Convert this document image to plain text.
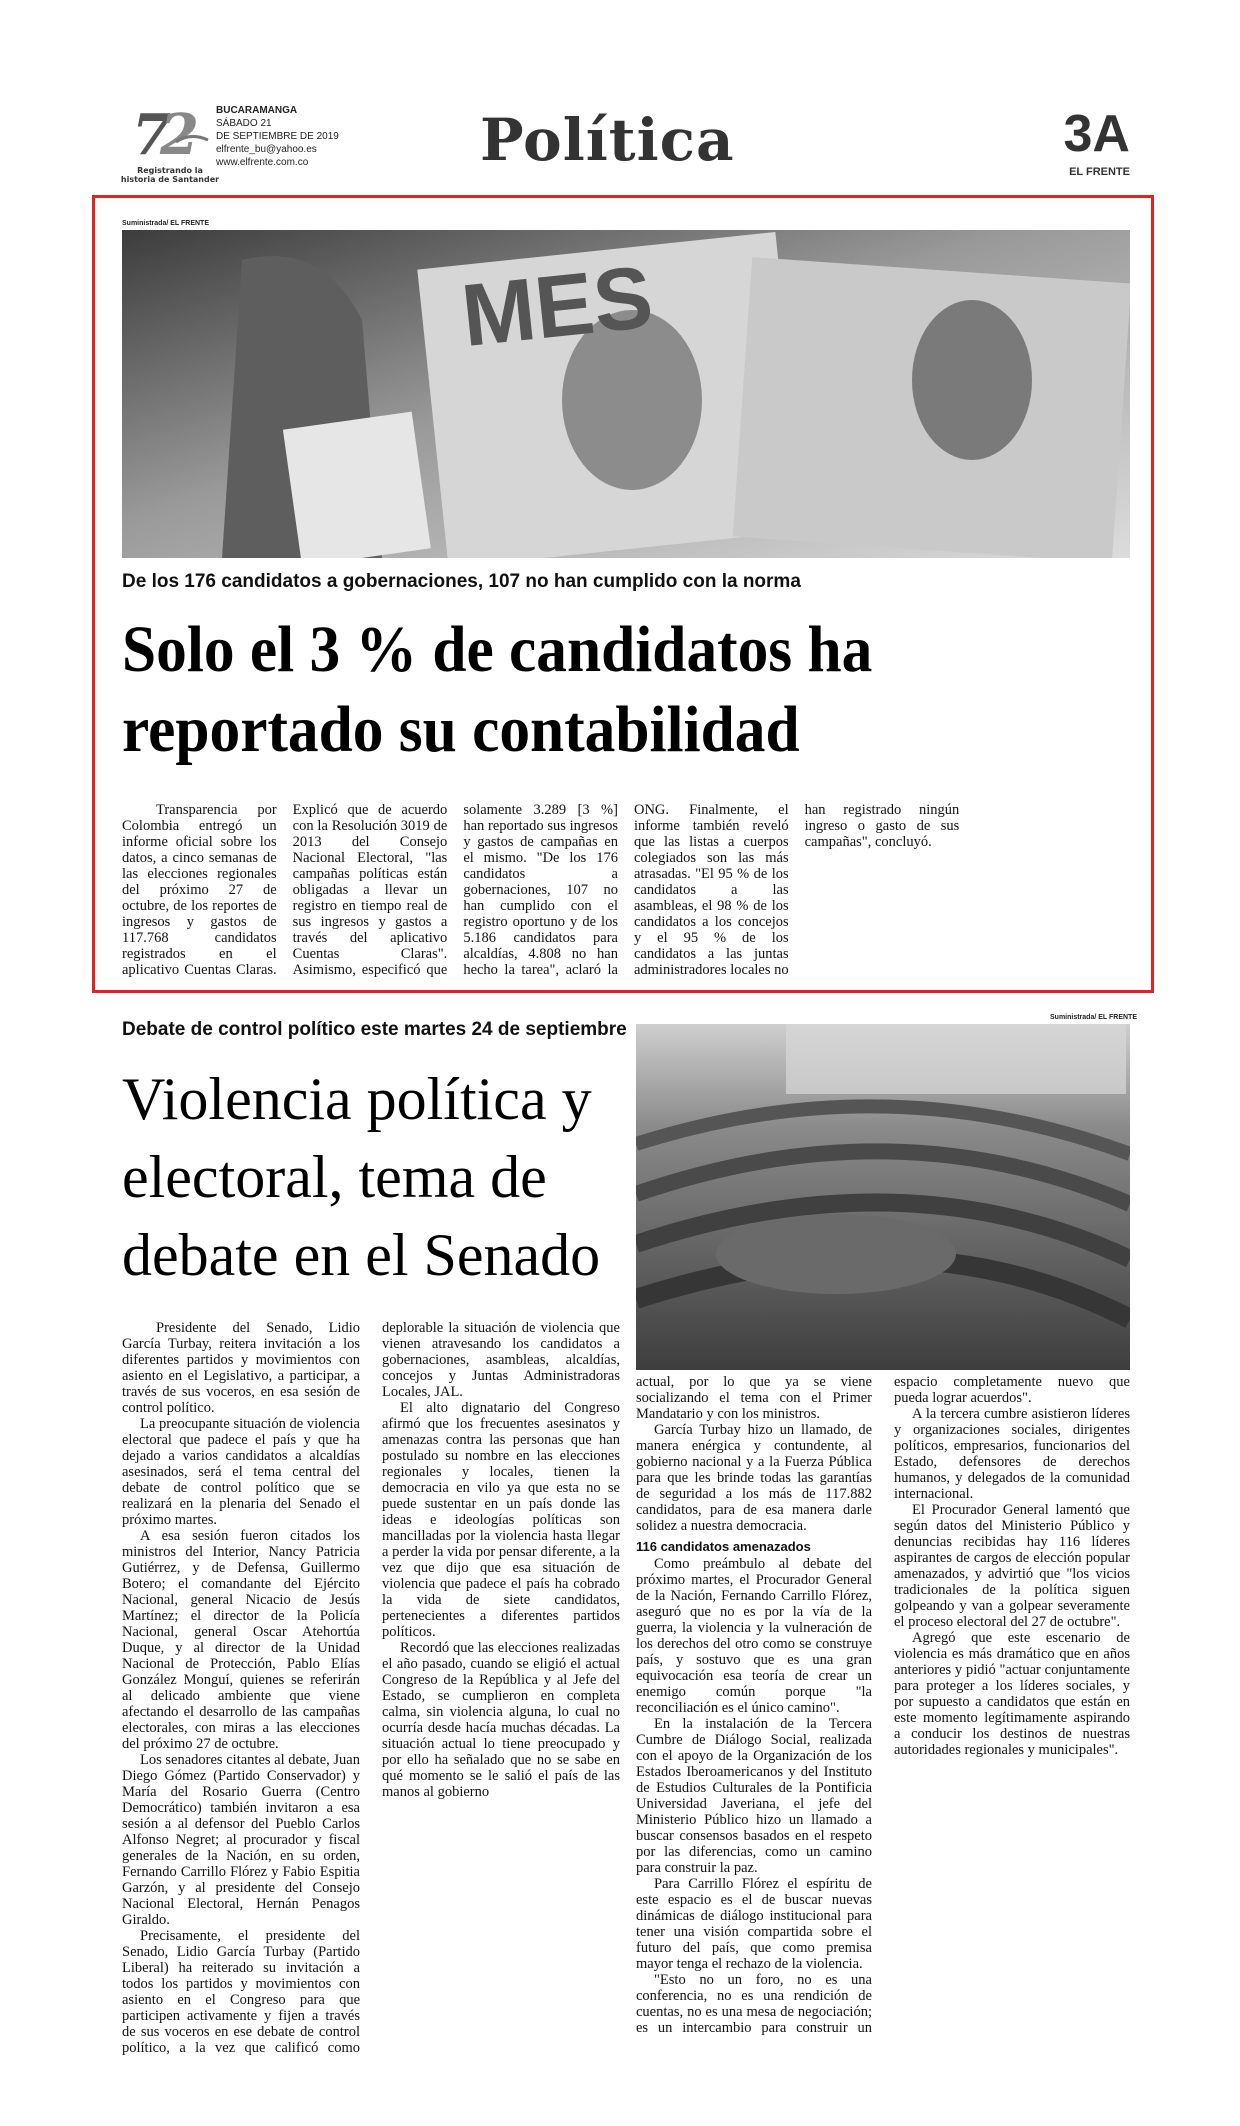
7
2
Registrando la historia de Santander
BUCARAMANGA
SÁBADO 21
DE SEPTIEMBRE DE 2019
elfrente_bu@yahoo.es
www.elfrente.com.co	Política	3A
EL FRENTE
Suministrada/ EL FRENTE
MES
De los 176 candidatos a gobernaciones, 107 no han cumplido con la norma
Solo el 3 % de candidatos ha reportado su contabilidad

Transparencia por Colombia entregó un informe oficial sobre los datos, a cinco semanas de las elecciones regionales del próximo 27 de octubre, de los reportes de ingresos y gastos de 117.768 candidatos registrados en el aplicativo Cuentas Claras. Explicó que de acuerdo con la Resolución 3019 de 2013 del Consejo Nacional Electoral, "las campañas políticas están obligadas a llevar un registro en tiempo real de sus ingresos y gastos a través del aplicativo Cuentas Claras". Asimismo, especificó que solamente 3.289 [3 %] han reportado sus ingresos y gastos de campañas en el mismo. "De los 176 candidatos a gobernaciones, 107 no han cumplido con el registro oportuno y de los 5.186 candidatos para alcaldías, 4.808 no han hecho la tarea", aclaró la ONG. Finalmente, el informe también reveló que las listas a cuerpos colegiados son las más atrasadas. "El 95 % de los candidatos a las asambleas, el 98 % de los candidatos a los concejos y el 95 % de los candidatos a las juntas administradores locales no han registrado ningún ingreso o gasto de sus campañas", concluyó.

Debate de control político este martes 24 de septiembre
Violencia política y electoral, tema de debate en el Senado
Suministrada/ EL FRENTE

Presidente del Senado, Lidio García Turbay, reitera invitación a los diferentes partidos y movimientos con asiento en el Legislativo, a participar, a través de sus voceros, en esa sesión de control político.

La preocupante situación de violencia electoral que padece el país y que ha dejado a varios candidatos a alcaldías asesinados, será el tema central del debate de control político que se realizará en la plenaria del Senado el próximo martes.

A esa sesión fueron citados los ministros del Interior, Nancy Patricia Gutiérrez, y de Defensa, Guillermo Botero; el comandante del Ejército Nacional, general Nicacio de Jesús Martínez; el director de la Policía Nacional, general Oscar Atehortúa Duque, y al director de la Unidad Nacional de Protección, Pablo Elías González Monguí, quienes se referirán al delicado ambiente que viene afectando el desarrollo de las campañas electorales, con miras a las elecciones del próximo 27 de octubre.

Los senadores citantes al debate, Juan Diego Gómez (Partido Conservador) y María del Rosario Guerra (Centro Democrático) también invitaron a esa sesión a al defensor del Pueblo Carlos Alfonso Negret; al procurador y fiscal generales de la Nación, en su orden, Fernando Carrillo Flórez y Fabio Espitia Garzón, y al presidente del Consejo Nacional Electoral, Hernán Penagos Giraldo.

Precisamente, el presidente del Senado, Lidio García Turbay (Partido Liberal) ha reiterado su invitación a todos los partidos y movimientos con asiento en el Congreso para que participen activamente y fijen a través de sus voceros en ese debate de control político, a la vez que calificó como deplorable la situación de violencia que vienen atravesando los candidatos a gobernaciones, asambleas, alcaldías, concejos y Juntas Administradoras Locales, JAL.

El alto dignatario del Congreso afirmó que los frecuentes asesinatos y amenazas contra las personas que han postulado su nombre en las elecciones regionales y locales, tienen la democracia en vilo ya que esta no se puede sustentar en un país donde las ideas e ideologías políticas son mancilladas por la violencia hasta llegar a perder la vida por pensar diferente, a la vez que dijo que esa situación de violencia que padece el país ha cobrado la vida de siete candidatos, pertenecientes a diferentes partidos políticos.

Recordó que las elecciones realizadas el año pasado, cuando se eligió el actual Congreso de la República y al Jefe del Estado, se cumplieron en completa calma, sin violencia alguna, lo cual no ocurría desde hacía muchas décadas. La situación actual lo tiene preocupado y por ello ha señalado que no se sabe en qué momento se le salió el país de las manos al gobierno

actual, por lo que ya se viene socializando el tema con el Primer Mandatario y con los ministros.

García Turbay hizo un llamado, de manera enérgica y contundente, al gobierno nacional y a la Fuerza Pública para que les brinde todas las garantías de seguridad a los más de 117.882 candidatos, para de esa manera darle solidez a nuestra democracia.

116 candidatos amenazados

Como preámbulo al debate del próximo martes, el Procurador General de la Nación, Fernando Carrillo Flórez, aseguró que no es por la vía de la guerra, la violencia y la vulneración de los derechos del otro como se construye país, y sostuvo que es una gran equivocación esa teoría de crear un enemigo común porque "la reconciliación es el único camino".

En la instalación de la Tercera Cumbre de Diálogo Social, realizada con el apoyo de la Organización de los Estados Iberoamericanos y del Instituto de Estudios Culturales de la Pontificia Universidad Javeriana, el jefe del Ministerio Público hizo un llamado a buscar consensos basados en el respeto por las diferencias, como un camino para construir la paz.

Para Carrillo Flórez el espíritu de este espacio es el de buscar nuevas dinámicas de diálogo institucional para tener una visión compartida sobre el futuro del país, que como premisa mayor tenga el rechazo de la violencia.

"Esto no un foro, no es una conferencia, no es una rendición de cuentas, no es una mesa de negociación; es un intercambio para construir un espacio completamente nuevo que pueda lograr acuerdos".

A la tercera cumbre asistieron líderes y organizaciones sociales, dirigentes políticos, empresarios, funcionarios del Estado, defensores de derechos humanos, y delegados de la comunidad internacional.

El Procurador General lamentó que según datos del Ministerio Público y denuncias recibidas hay 116 líderes aspirantes de cargos de elección popular amenazados, y advirtió que "los vicios tradicionales de la política siguen golpeando y van a golpear severamente el proceso electoral del 27 de octubre".

Agregó que este escenario de violencia es más dramático que en años anteriores y pidió "actuar conjuntamente para proteger a los líderes sociales, y por supuesto a candidatos que están en este momento legítimamente aspirando a conducir los destinos de nuestras autoridades regionales y municipales".
